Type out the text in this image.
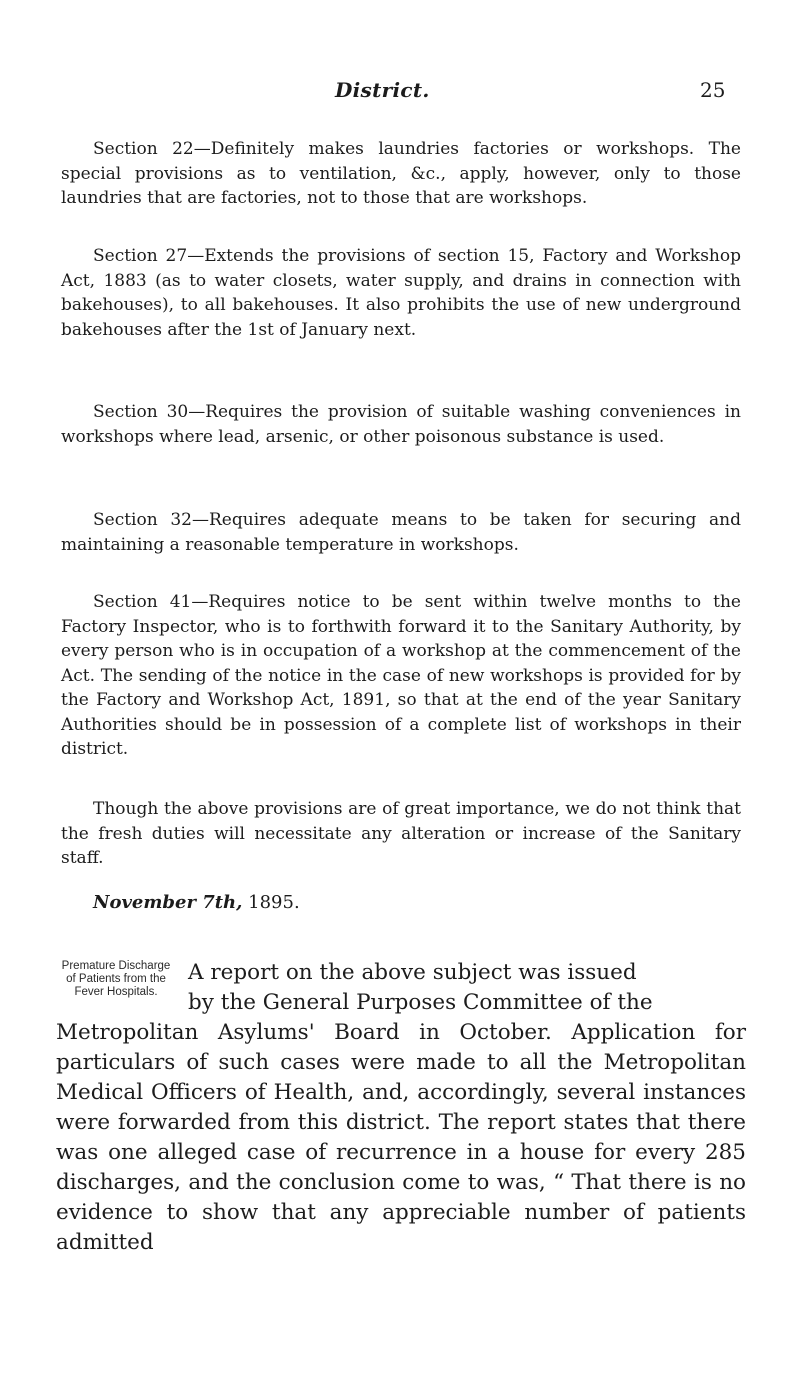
District.	25

Section 22—Definitely makes laundries factories or workshops. The special provisions as to ventilation, &c., apply, however, only to those laundries that are factories, not to those that are workshops.

Section 27—Extends the provisions of section 15, Factory and Workshop Act, 1883 (as to water closets, water supply, and drains in connection with bakehouses), to all bakehouses. It also prohibits the use of new underground bakehouses after the 1st of January next.

Section 30—Requires the provision of suitable washing conveniences in workshops where lead, arsenic, or other poisonous substance is used.

Section 32—Requires adequate means to be taken for securing and maintaining a reasonable temperature in workshops.

Section 41—Requires notice to be sent within twelve months to the Factory Inspector, who is to forthwith forward it to the Sanitary Authority, by every person who is in occupation of a workshop at the commencement of the Act. The sending of the notice in the case of new workshops is provided for by the Factory and Workshop Act, 1891, so that at the end of the year Sanitary Authorities should be in possession of a complete list of workshops in their district.

Though the above provisions are of great importance, we do not think that the fresh duties will necessitate any alteration or increase of the Sanitary staff.

November 7th, 1895.
Premature Discharge of Patients from the Fever Hospitals.

A report on the above subject was issued

by the General Purposes Committee of the

Metropolitan Asylums' Board in October. Application for particulars of such cases were made to all the Metropolitan Medical Officers of Health, and, accordingly, several instances were forwarded from this district. The report states that there was one alleged case of recurrence in a house for every 285 discharges, and the conclusion come to was, “ That there is no evidence to show that any appreciable number of patients admitted
